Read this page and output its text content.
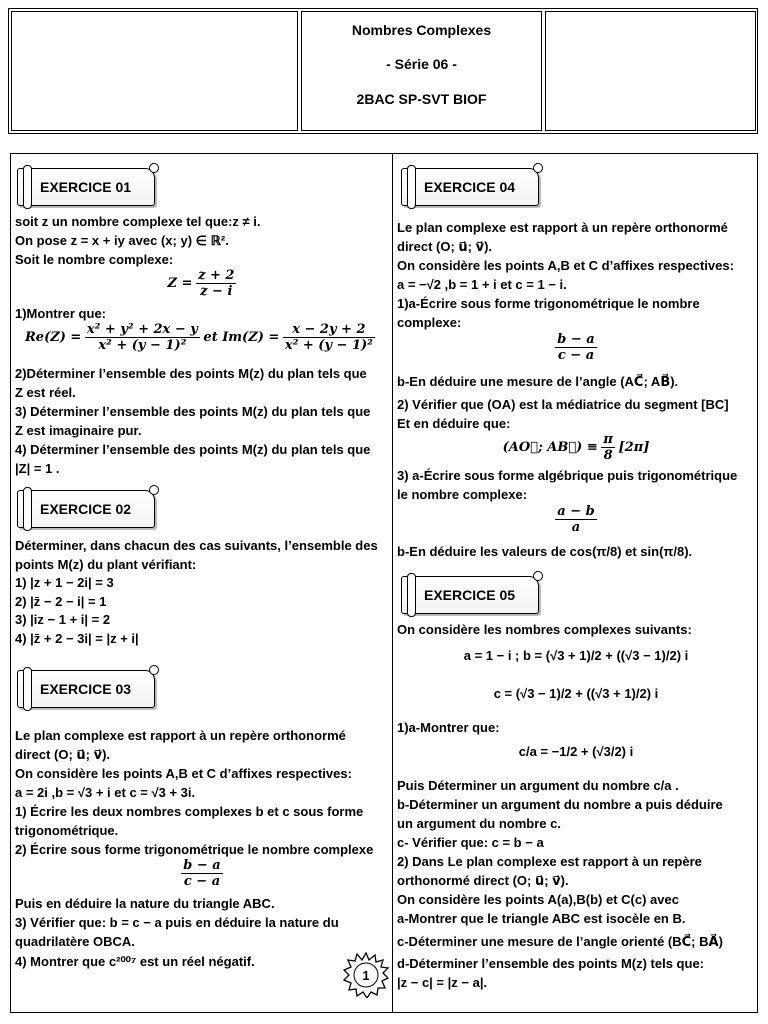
Nombres Complexes
- Série 06 -
2BAC SP-SVT BIOF
EXERCICE 01
soit z un nombre complexe tel que:z ≠ i.
On pose z = x + iy avec (x; y) ∈ ℝ².
Soit le nombre complexe:
$Z = \frac{z + 2}{z - i}$
1)Montrer que:
$Re(Z) = \frac{\text{x² + y² + 2x − y}}{\text{x² + (y − 1)²}}$ et $Im(Z) = \frac{x - 2y + 2}{\text{x² + (y − 1)²}}$
2)Déterminer l’ensemble des points M(z) du plan tels que
Z est réel.
3) Déterminer l’ensemble des points M(z) du plan tels que
Z est imaginaire pur.
4) Déterminer l’ensemble des points M(z) du plan tels que
|Z| = 1 .
EXERCICE 02
Déterminer, dans chacun des cas suivants, l’ensemble des
points M(z) du plant vérifiant:
1) |z + 1 − 2i| = 3
2) |z̄ − 2 − i| = 1
3) |iz − 1 + i| = 2
4) |z̄ + 2 − 3i| = |z + i|
EXERCICE 03
Le plan complexe est rapport à un repère orthonormé
direct (O; u⃗; v⃗).
On considère les points A,B et C d’affixes respectives:
a = 2i ,b = √3 + i et c = √3 + 3i.
1) Écrire les deux nombres complexes b et c sous forme
trigonométrique.
2) Écrire sous forme trigonométrique le nombre complexe
$\frac{b - a}{c - a}$
Puis en déduire la nature du triangle ABC.
3) Vérifier que: b = c − a puis en déduire la nature du
quadrilatère OBCA.
4) Montrer que c²⁰⁰⁷ est un réel négatif.
1
EXERCICE 04
Le plan complexe est rapport à un repère orthonormé
direct (O; u⃗; v⃗).
On considère les points A,B et C d’affixes respectives:
a = −√2 ,b = 1 + i et c = 1 − i.
1)a-Écrire sous forme trigonométrique le nombre
complexe:
$\frac{b - a}{c - a}$
b-En déduire une mesure de l’angle (AC⃗; AB⃗).
2) Vérifier que (OA) est la médiatrice du segment [BC]
Et en déduire que:
(AO⃗; AB⃗) ≡ $\frac{\pi}{8} [2\pi]$
3) a-Écrire sous forme algébrique puis trigonométrique
le nombre complexe:
$\frac{a - b}{a}$
b-En déduire les valeurs de cos(π/8) et sin(π/8).
EXERCICE 05
On considère les nombres complexes suivants:
a = 1 − i ; b = (√3 + 1)/2 + ((√3 − 1)/2) i
c = (√3 − 1)/2 + ((√3 + 1)/2) i
1)a-Montrer que:
c/a = −1/2 + (√3/2) i
Puis Déterminer un argument du nombre c/a .
b-Déterminer un argument du nombre a puis déduire
un argument du nombre c.
c- Vérifier que: c = b − a
2) Dans Le plan complexe est rapport à un repère
orthonormé direct (O; u⃗; v⃗).
On considère les points A(a),B(b) et C(c) avec
a-Montrer que le triangle ABC est isocèle en B.
c-Déterminer une mesure de l’angle orienté (BC⃗; BA⃗)
d-Déterminer l’ensemble des points M(z) tels que:
|z − c| = |z − a|.
